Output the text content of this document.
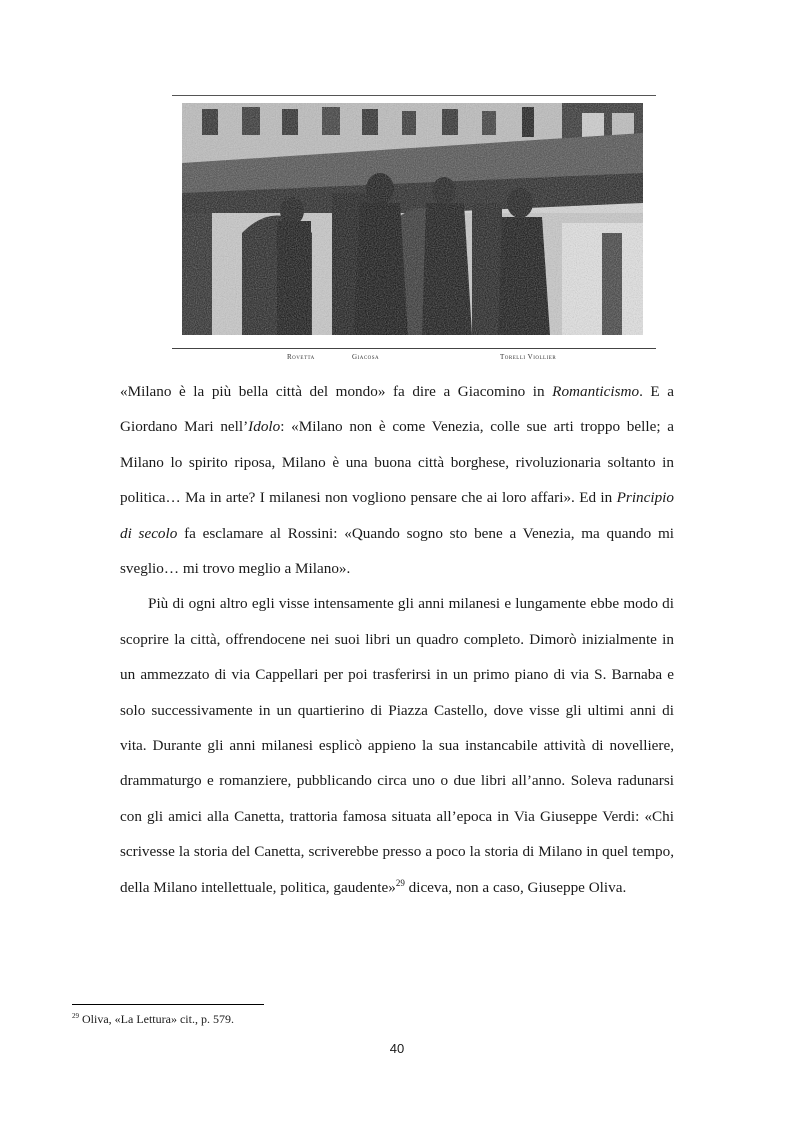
Rovetta	Giacosa	Torelli Viollier

«Milano è la più bella città del mondo» fa dire a Giacomino in Romanticismo. E a Giordano Mari nell’Idolo: «Milano non è come Venezia, colle sue arti troppo belle; a Milano lo spirito riposa, Milano è una buona città borghese, rivoluzionaria soltanto in politica… Ma in arte? I milanesi non vogliono pensare che ai loro affari». Ed in Principio di secolo fa esclamare al Rossini: «Quando sogno sto bene a Venezia, ma quando mi sveglio… mi trovo meglio a Milano».

Più di ogni altro egli visse intensamente gli anni milanesi e lungamente ebbe modo di scoprire la città, offrendocene nei suoi libri un quadro completo. Dimorò inizialmente in un ammezzato di via Cappellari per poi trasferirsi in un primo piano di via S. Barnaba e solo successivamente in un quartierino di Piazza Castello, dove visse gli ultimi anni di vita. Durante gli anni milanesi esplicò appieno la sua instancabile attività di novelliere, drammaturgo e romanziere, pubblicando circa uno o due libri all’anno. Soleva radunarsi con gli amici alla Canetta, trattoria famosa situata all’epoca in Via Giuseppe Verdi: «Chi scrivesse la storia del Canetta, scriverebbe presso a poco la storia di Milano in quel tempo, della Milano intellettuale, politica, gaudente»$^{29}$ diceva, non a caso, Giuseppe Oliva.

$^{29}$ Oliva, «La Lettura» cit., p. 579.
40
